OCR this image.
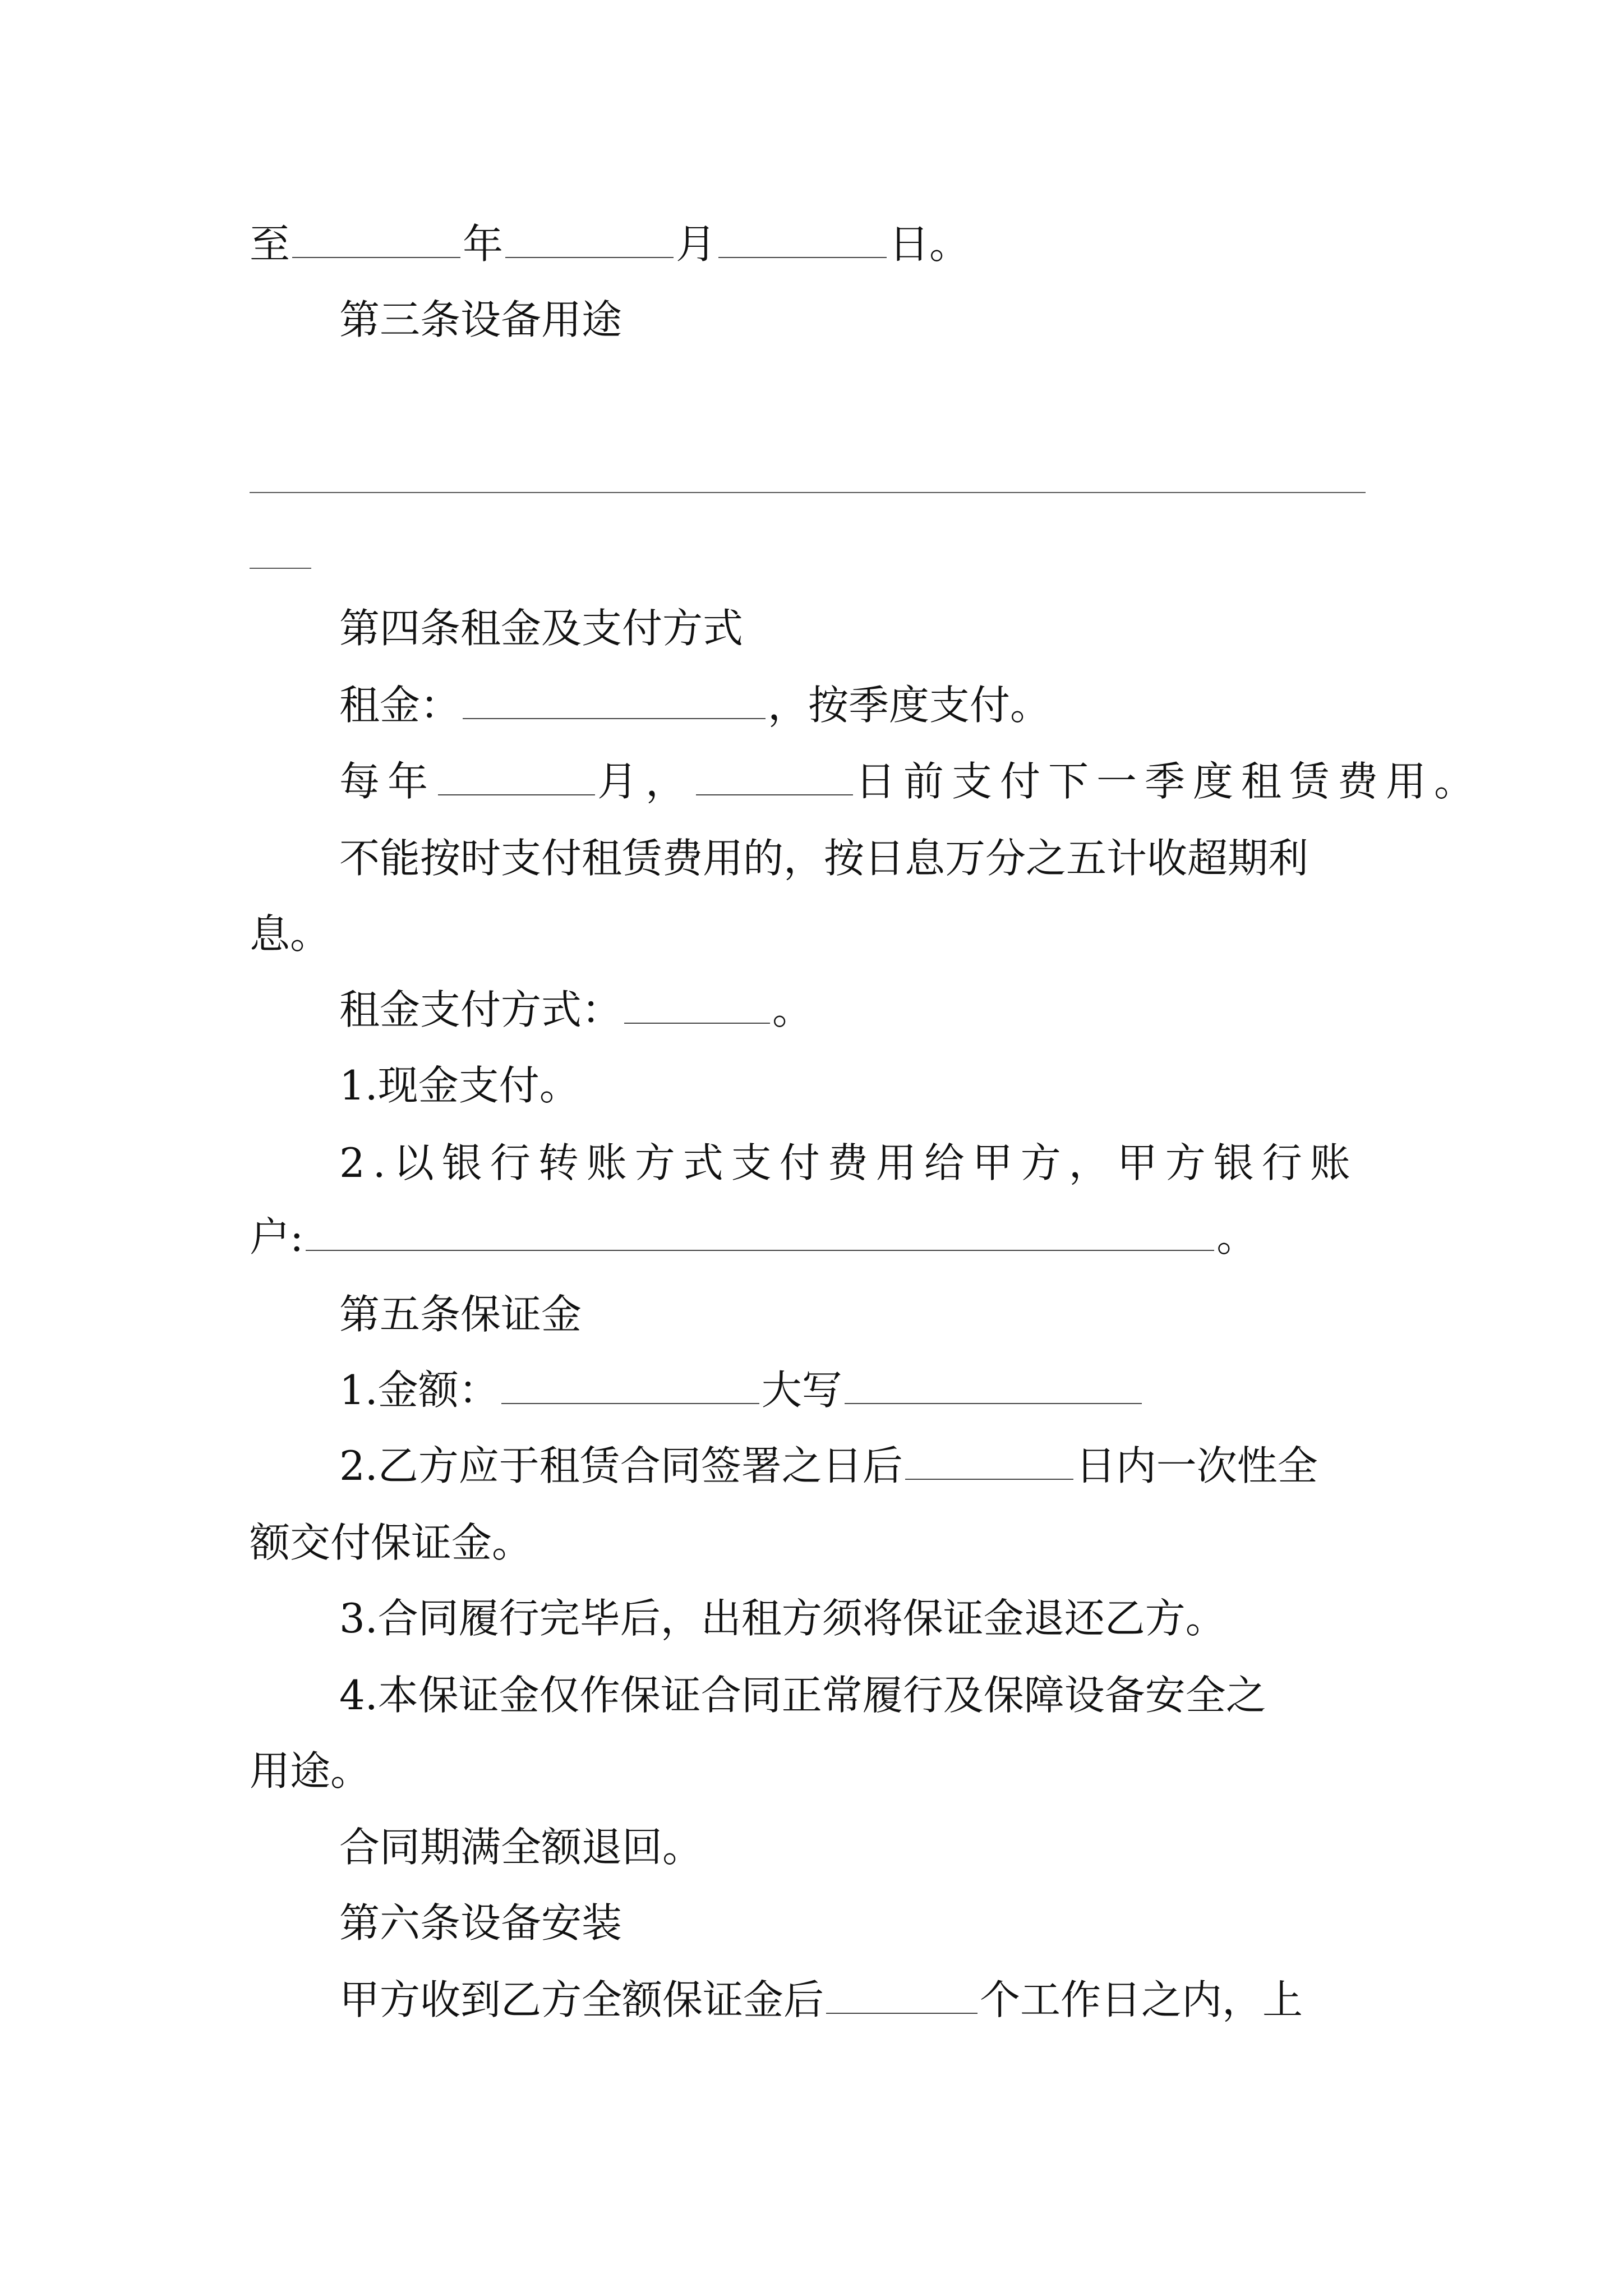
至	年	月	日。
第三条设备用途
第四条租金及支付方式
租金：	，按季度支付。
每年	月，	日前支付下一季度租赁费用。
不能按时支付租赁费用的，按日息万分之五计收超期利
息。
租金支付方式：	。
1.现金支付。
2.以银行转账方式支付费用给甲方，甲方银行账
户:	。
第五条保证金
1.金额：	大写
2.乙方应于租赁合同签署之日后	日内一次性全
额交付保证金。
3.合同履行完毕后，出租方须将保证金退还乙方。
4.本保证金仅作保证合同正常履行及保障设备安全之
用途。
合同期满全额退回。
第六条设备安装
甲方收到乙方全额保证金后	个工作日之内，上
